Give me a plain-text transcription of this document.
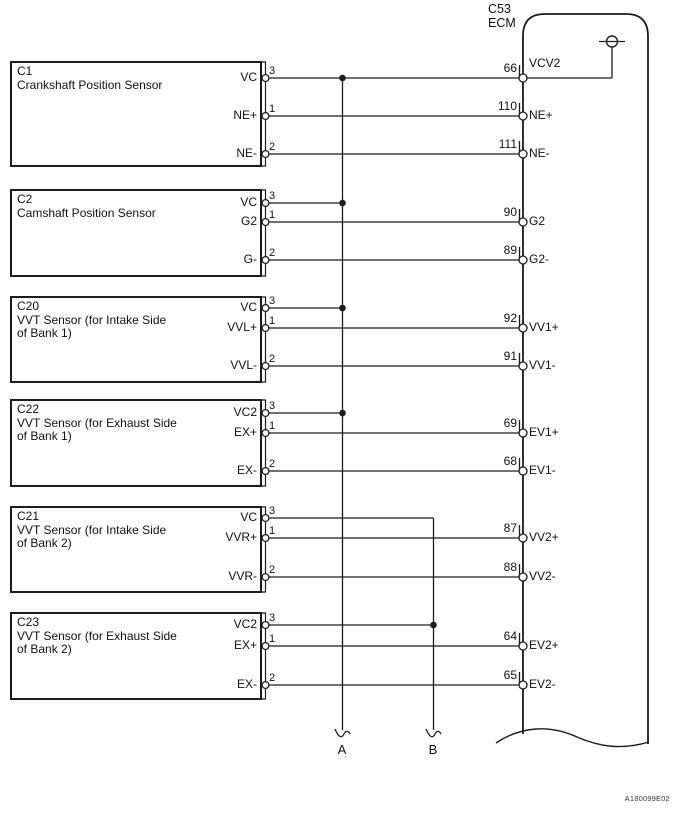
C53
ECM
A	B
A180099E02
C1
Crankshaft Position Sensor
3
VC
66 VCV2
1
NE+
110
NE+
2
NE-
111
NE-
C2
Camshaft Position Sensor
3
VC
1
G2
90
G2
2
G-
89
G2-
C20
VVT Sensor (for Intake Side
of Bank 1)
3
VC
1
VVL+
92
VV1+
2
VVL-
91
VV1-
C22
VVT Sensor (for Exhaust Side
of Bank 1)
3
VC2
1
EX+
69
EV1+
2
EX-
68
EV1-
C21
VVT Sensor (for Intake Side
of Bank 2)
3
VC
1
VVR+
87
VV2+
2
VVR-
88
VV2-
C23
VVT Sensor (for Exhaust Side
of Bank 2)
3
VC2
1
EX+
64
EV2+
2
EX-
65
EV2-
